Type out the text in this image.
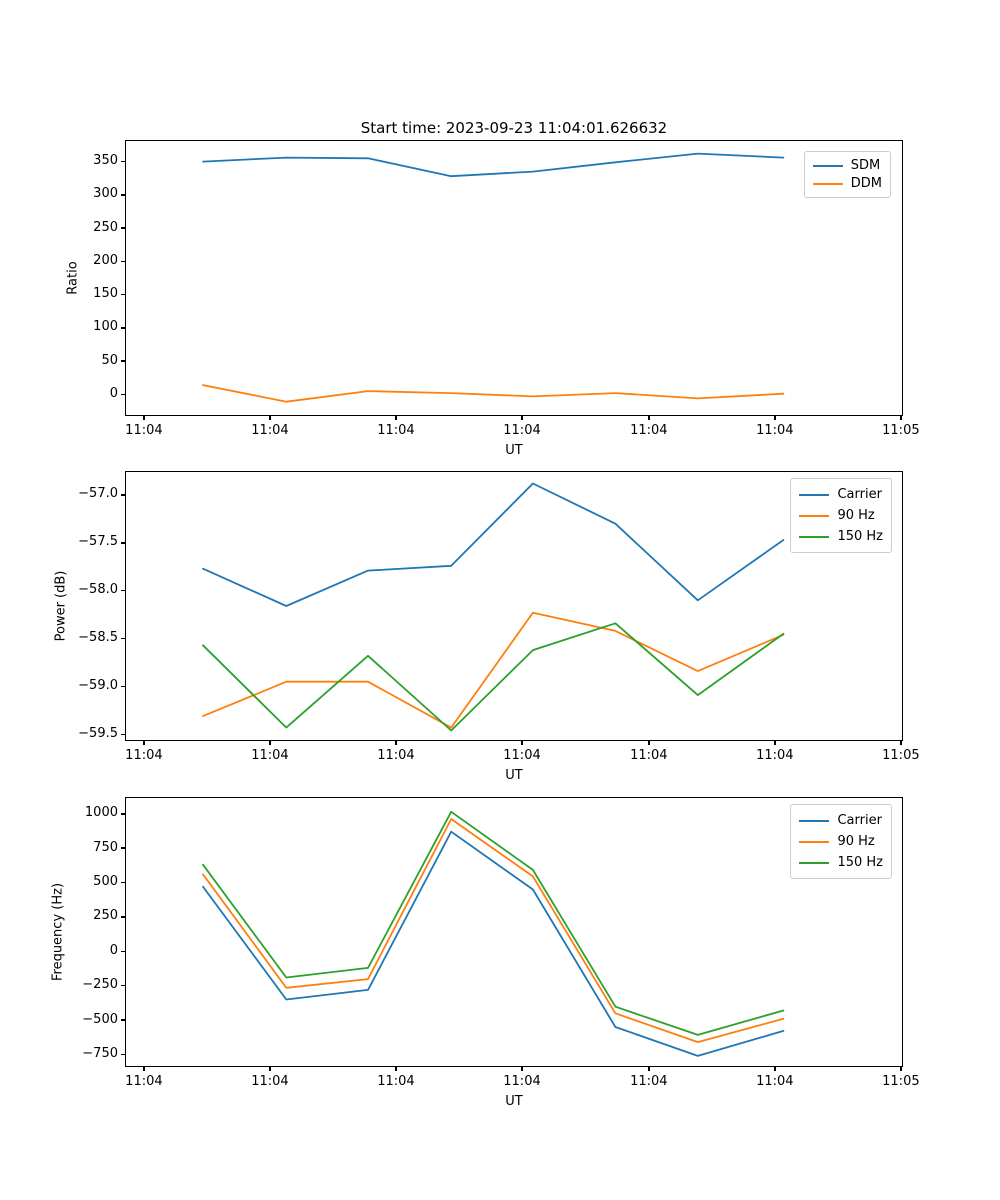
Start time: 2023-09-23 11:04:01.626632
Ratio
Power (dB)
Frequency (Hz)
0
50
100
150
200
250
300
350
11:04	11:04	11:04	11:04	11:04	11:04	11:05
SDM
DDM
−59.5
−59.0
−58.5
−58.0
−57.5
−57.0
11:04	11:04	11:04	11:04	11:04	11:04	11:05
Carrier
90 Hz
150 Hz
−750
−500
−250
0
250
500
750
1000
11:04	11:04	11:04	11:04	11:04	11:04	11:05
Carrier
90 Hz
150 Hz
UT
UT
UT
